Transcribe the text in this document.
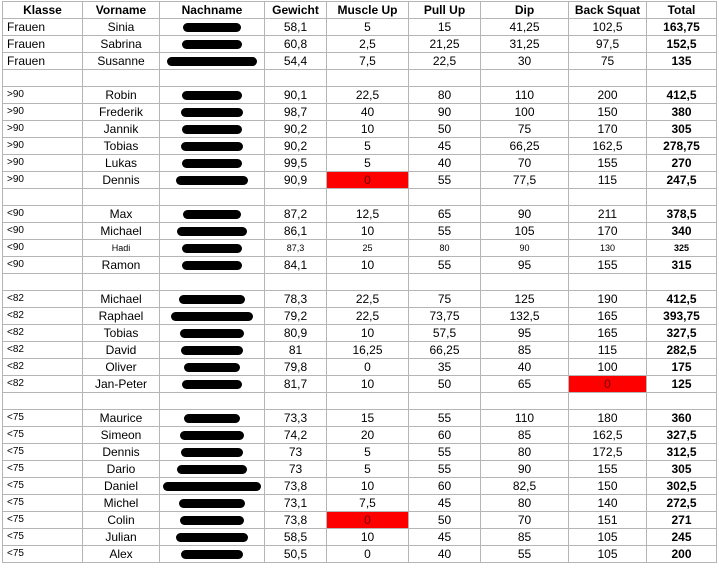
Klasse	Vorname	Nachname	Gewicht	Muscle Up	Pull Up	Dip	Back Squat	Total
Frauen	Sinia		58,1	5	15	41,25	102,5	163,75
Frauen	Sabrina		60,8	2,5	21,25	31,25	97,5	152,5
Frauen	Susanne		54,4	7,5	22,5	30	75	135

>90	Robin		90,1	22,5	80	110	200	412,5
>90	Frederik		98,7	40	90	100	150	380
>90	Jannik		90,2	10	50	75	170	305
>90	Tobias		90,2	5	45	66,25	162,5	278,75
>90	Lukas		99,5	5	40	70	155	270
>90	Dennis		90,9	0	55	77,5	115	247,5

<90	Max		87,2	12,5	65	90	211	378,5
<90	Michael		86,1	10	55	105	170	340
<90	Hadi		87,3	25	80	90	130	325
<90	Ramon		84,1	10	55	95	155	315

<82	Michael		78,3	22,5	75	125	190	412,5
<82	Raphael		79,2	22,5	73,75	132,5	165	393,75
<82	Tobias		80,9	10	57,5	95	165	327,5
<82	David		81	16,25	66,25	85	115	282,5
<82	Oliver		79,8	0	35	40	100	175
<82	Jan-Peter		81,7	10	50	65	0	125

<75	Maurice		73,3	15	55	110	180	360
<75	Simeon		74,2	20	60	85	162,5	327,5
<75	Dennis		73	5	55	80	172,5	312,5
<75	Dario		73	5	55	90	155	305
<75	Daniel		73,8	10	60	82,5	150	302,5
<75	Michel		73,1	7,5	45	80	140	272,5
<75	Colin		73,8	0	50	70	151	271
<75	Julian		58,5	10	45	85	105	245
<75	Alex		50,5	0	40	55	105	200
